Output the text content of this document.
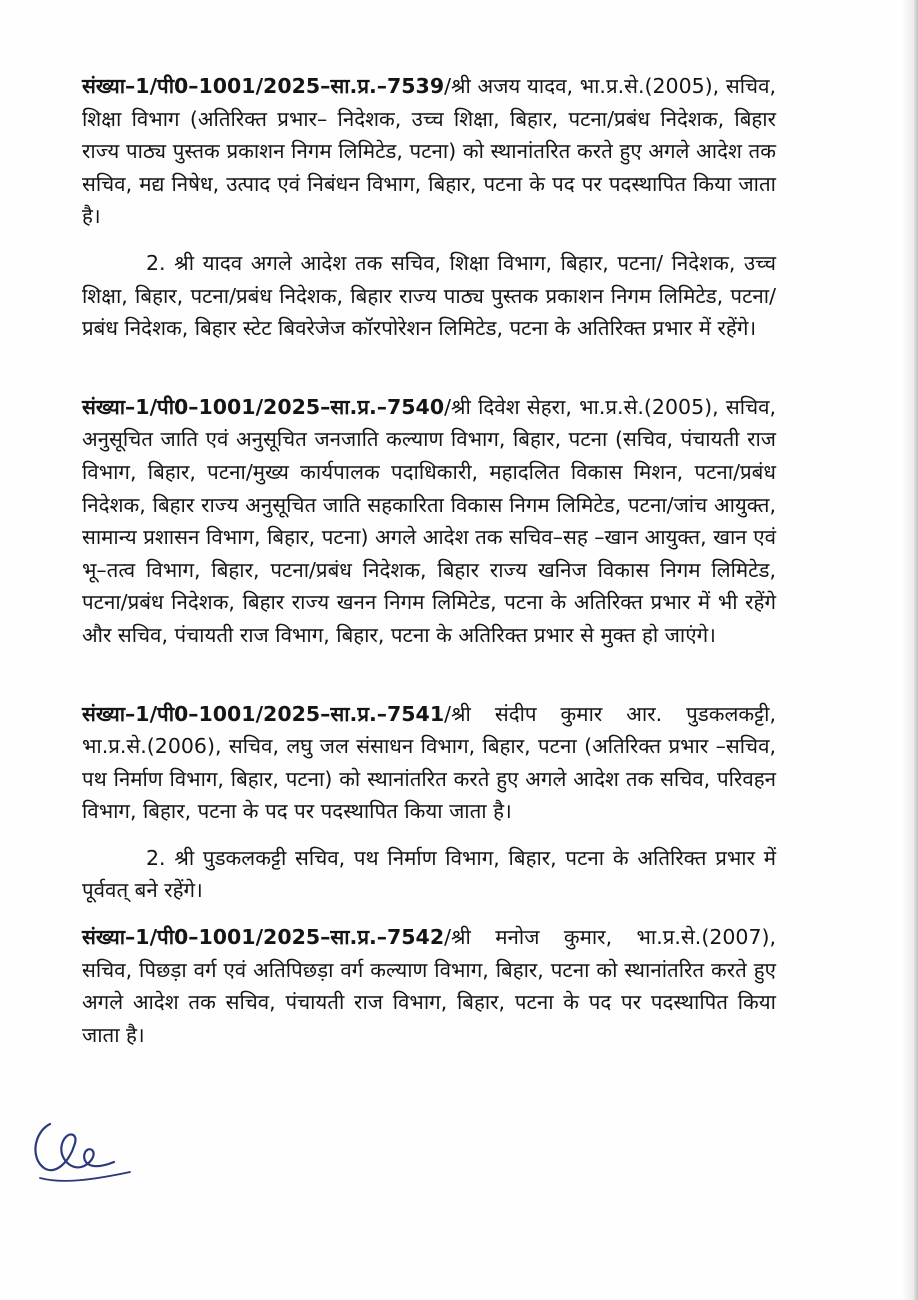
संख्या–1/पी0–1001/2025–सा.प्र.–7539/श्री अजय यादव, भा.प्र.से.(2005), सचिव, शिक्षा विभाग (अतिरिक्त प्रभार– निदेशक, उच्च शिक्षा, बिहार, पटना/प्रबंध निदेशक, बिहार राज्य पाठ्य पुस्तक प्रकाशन निगम लिमिटेड, पटना) को स्थानांतरित करते हुए अगले आदेश तक सचिव, मद्य निषेध, उत्पाद एवं निबंधन विभाग, बिहार, पटना के पद पर पदस्थापित किया जाता है।

2. श्री यादव अगले आदेश तक सचिव, शिक्षा विभाग, बिहार, पटना/ निदेशक, उच्च शिक्षा, बिहार, पटना/प्रबंध निदेशक, बिहार राज्य पाठ्य पुस्तक प्रकाशन निगम लिमिटेड, पटना/प्रबंध निदेशक, बिहार स्टेट बिवरेजेज कॉरपोरेशन लिमिटेड, पटना के अतिरिक्त प्रभार में रहेंगे।

संख्या–1/पी0–1001/2025–सा.प्र.–7540/श्री दिवेश सेहरा, भा.प्र.से.(2005), सचिव, अनुसूचित जाति एवं अनुसूचित जनजाति कल्याण विभाग, बिहार, पटना (सचिव, पंचायती राज विभाग, बिहार, पटना/मुख्य कार्यपालक पदाधिकारी, महादलित विकास मिशन, पटना/प्रबंध निदेशक, बिहार राज्य अनुसूचित जाति सहकारिता विकास निगम लिमिटेड, पटना/जांच आयुक्त, सामान्य प्रशासन विभाग, बिहार, पटना) अगले आदेश तक सचिव–सह –खान आयुक्त, खान एवं भू–तत्व विभाग, बिहार, पटना/प्रबंध निदेशक, बिहार राज्य खनिज विकास निगम लिमिटेड, पटना/प्रबंध निदेशक, बिहार राज्य खनन निगम लिमिटेड, पटना के अतिरिक्त प्रभार में भी रहेंगे और सचिव, पंचायती राज विभाग, बिहार, पटना के अतिरिक्त प्रभार से मुक्त हो जाएंगे।

संख्या–1/पी0–1001/2025–सा.प्र.–7541/श्री संदीप कुमार आर. पुडकलकट्टी, भा.प्र.से.(2006), सचिव, लघु जल संसाधन विभाग, बिहार, पटना (अतिरिक्त प्रभार –सचिव, पथ निर्माण विभाग, बिहार, पटना) को स्थानांतरित करते हुए अगले आदेश तक सचिव, परिवहन विभाग, बिहार, पटना के पद पर पदस्थापित किया जाता है।

2. श्री पुडकलकट्टी सचिव, पथ निर्माण विभाग, बिहार, पटना के अतिरिक्त प्रभार में पूर्ववत् बने रहेंगे।

संख्या–1/पी0–1001/2025–सा.प्र.–7542/श्री मनोज कुमार, भा.प्र.से.(2007), सचिव, पिछड़ा वर्ग एवं अतिपिछड़ा वर्ग कल्याण विभाग, बिहार, पटना को स्थानांतरित करते हुए अगले आदेश तक सचिव, पंचायती राज विभाग, बिहार, पटना के पद पर पदस्थापित किया जाता है।
